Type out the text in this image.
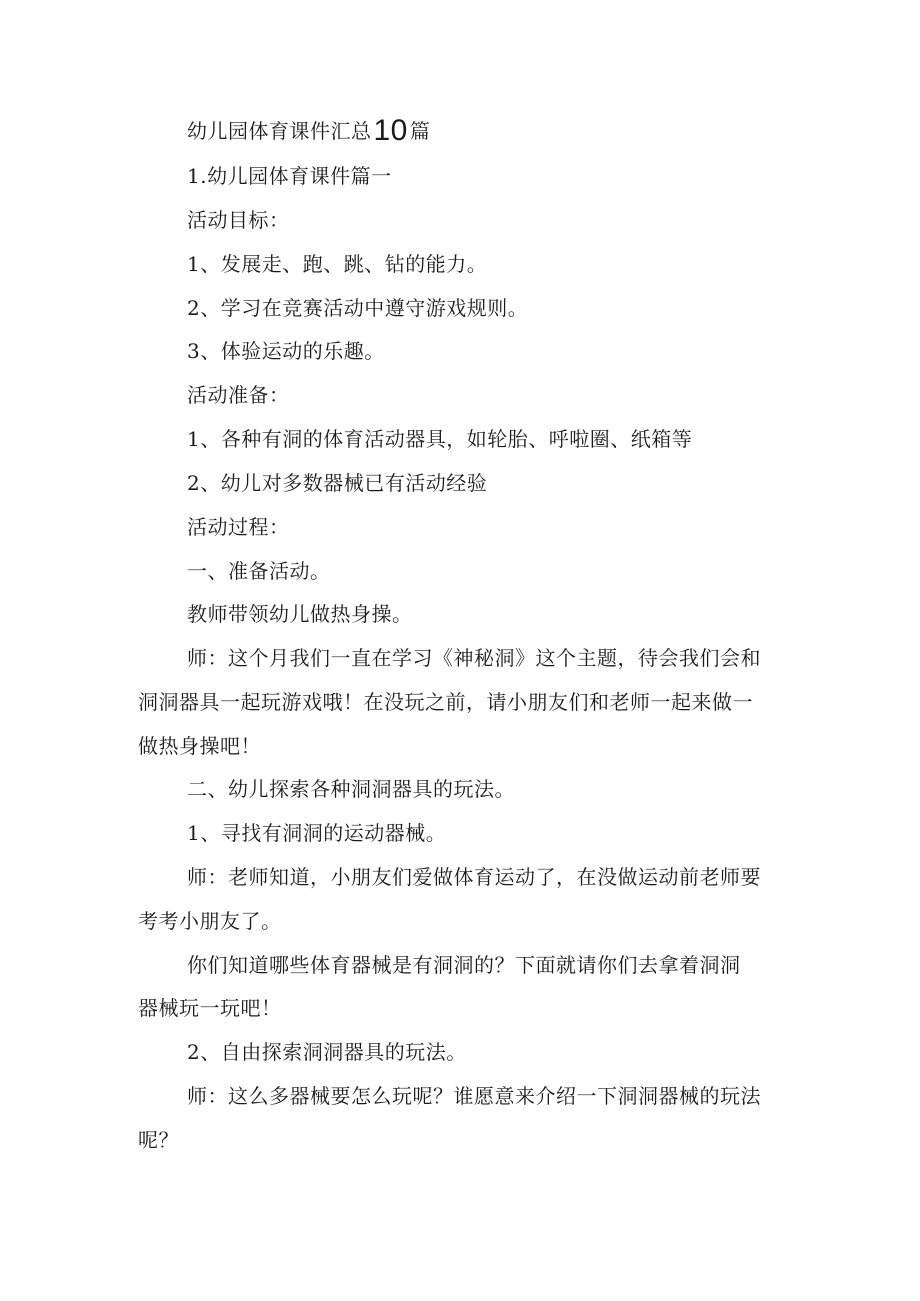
幼儿园体育课件汇总10 篇
1.幼儿园体育课件篇一
活动目标：
1、发展走、跑、跳、钻的能力。
2、学习在竞赛活动中遵守游戏规则。
3、体验运动的乐趣。
活动准备：
1、各种有洞的体育活动器具，如轮胎、呼啦圈、纸箱等
2、幼儿对多数器械已有活动经验
活动过程：
一、准备活动。
教师带领幼儿做热身操。
师：这个月我们一直在学习《神秘洞》这个主题，待会我们会和
洞洞器具一起玩游戏哦！在没玩之前，请小朋友们和老师一起来做一
做热身操吧！
二、幼儿探索各种洞洞器具的玩法。
1、寻找有洞洞的运动器械。
师：老师知道，小朋友们爱做体育运动了，在没做运动前老师要
考考小朋友了。
你们知道哪些体育器械是有洞洞的？下面就请你们去拿着洞洞
器械玩一玩吧！
2、自由探索洞洞器具的玩法。
师：这么多器械要怎么玩呢？谁愿意来介绍一下洞洞器械的玩法
呢？
